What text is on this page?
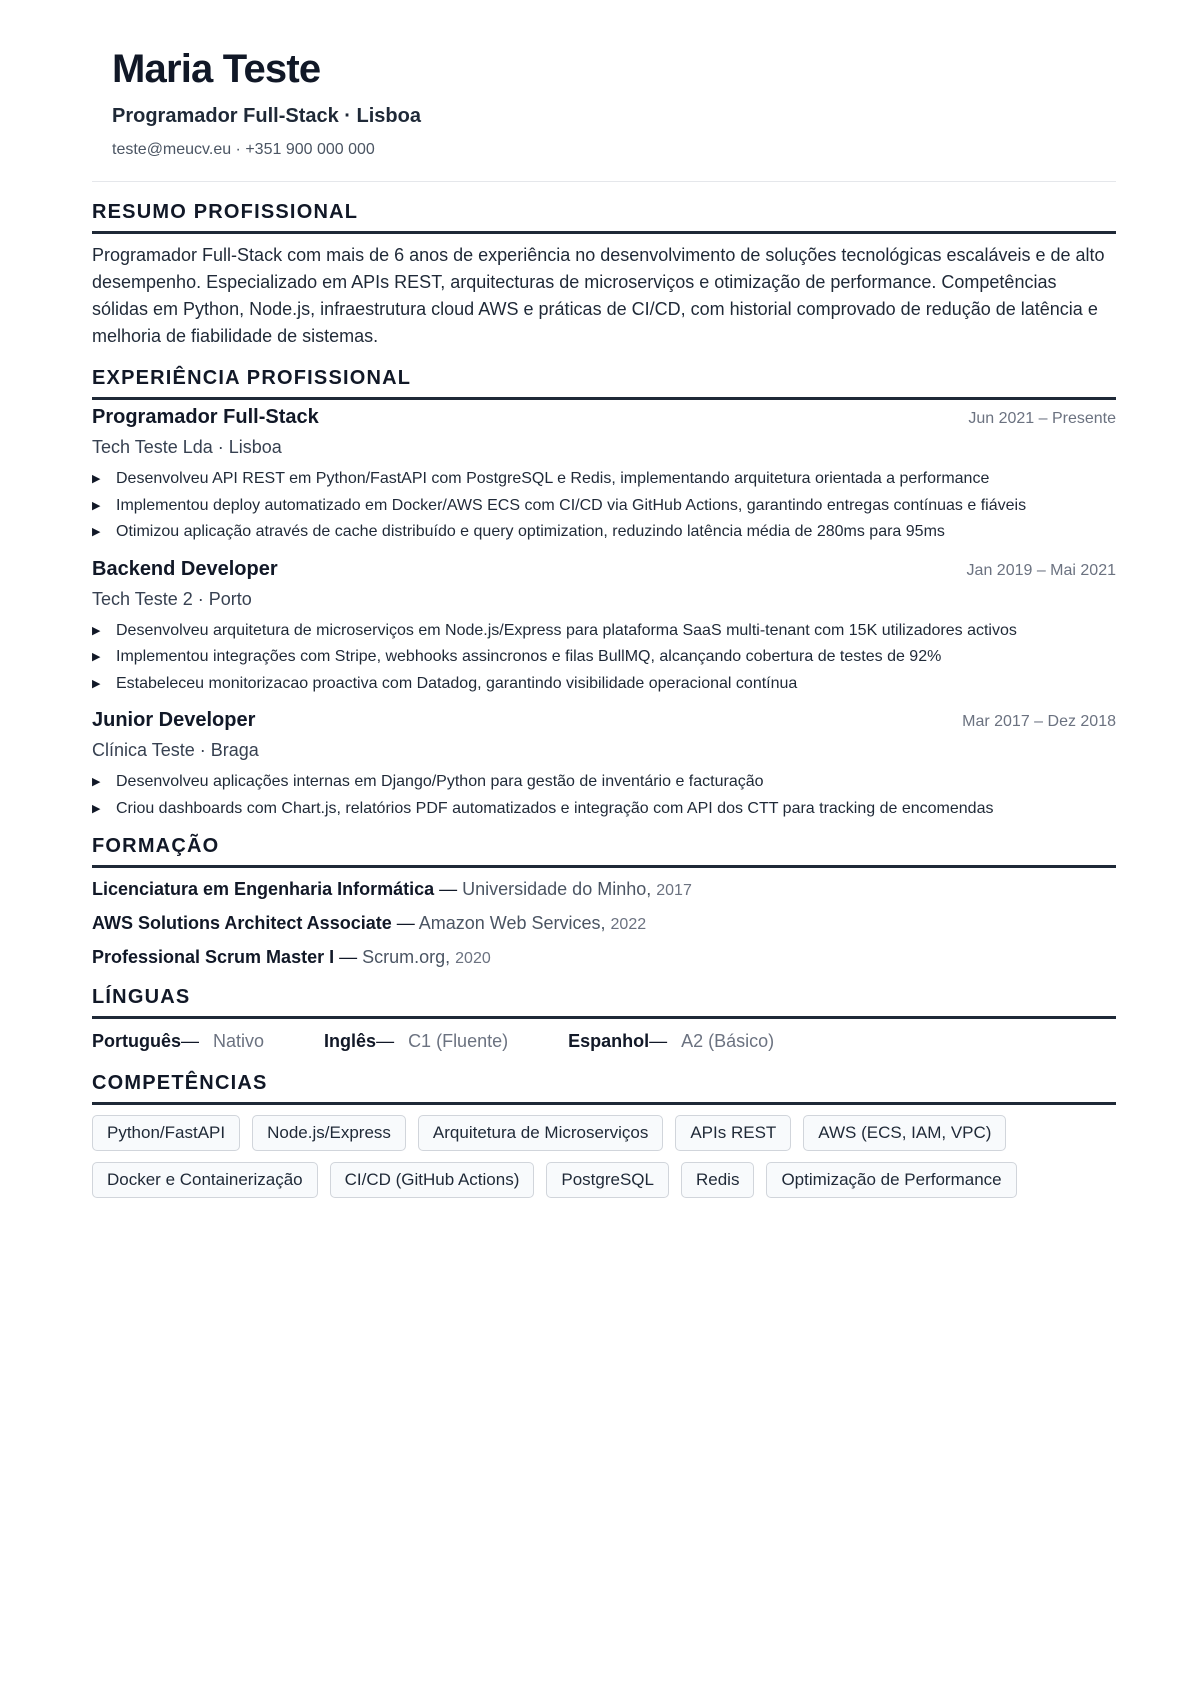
Maria Teste
Programador Full-Stack · Lisboa
teste@meucv.eu · +351 900 000 000
RESUMO PROFISSIONAL
Programador Full-Stack com mais de 6 anos de experiência no desenvolvimento de soluções tecnológicas escaláveis e de alto desempenho. Especializado em APIs REST, arquitecturas de microserviços e otimização de performance. Competências sólidas em Python, Node.js, infraestrutura cloud AWS e práticas de CI/CD, com historial comprovado de redução de latência e melhoria de fiabilidade de sistemas.
EXPERIÊNCIA PROFISSIONAL
Programador Full-Stack	Jun 2021 – Presente
Tech Teste Lda · Lisboa
▶ Desenvolveu API REST em Python/FastAPI com PostgreSQL e Redis, implementando arquitetura orientada a performance
▶ Implementou deploy automatizado em Docker/AWS ECS com CI/CD via GitHub Actions, garantindo entregas contínuas e fiáveis
▶ Otimizou aplicação através de cache distribuído e query optimization, reduzindo latência média de 280ms para 95ms
Backend Developer	Jan 2019 – Mai 2021
Tech Teste 2 · Porto
▶ Desenvolveu arquitetura de microserviços em Node.js/Express para plataforma SaaS multi-tenant com 15K utilizadores activos
▶ Implementou integrações com Stripe, webhooks assincronos e filas BullMQ, alcançando cobertura de testes de 92%
▶ Estabeleceu monitorizacao proactiva com Datadog, garantindo visibilidade operacional contínua
Junior Developer	Mar 2017 – Dez 2018
Clínica Teste · Braga
▶ Desenvolveu aplicações internas em Django/Python para gestão de inventário e facturação
▶ Criou dashboards com Chart.js, relatórios PDF automatizados e integração com API dos CTT para tracking de encomendas
FORMAÇÃO
Licenciatura em Engenharia Informática — Universidade do Minho, 2017
AWS Solutions Architect Associate — Amazon Web Services, 2022
Professional Scrum Master I — Scrum.org, 2020
LÍNGUAS
Português — Nativo	Inglês — C1 (Fluente)	Espanhol — A2 (Básico)
COMPETÊNCIAS
Python/FastAPI	Node.js/Express	Arquitetura de Microserviços	APIs REST	AWS (ECS, IAM, VPC)
Docker e Containerização	CI/CD (GitHub Actions)	PostgreSQL	Redis	Optimização de Performance
